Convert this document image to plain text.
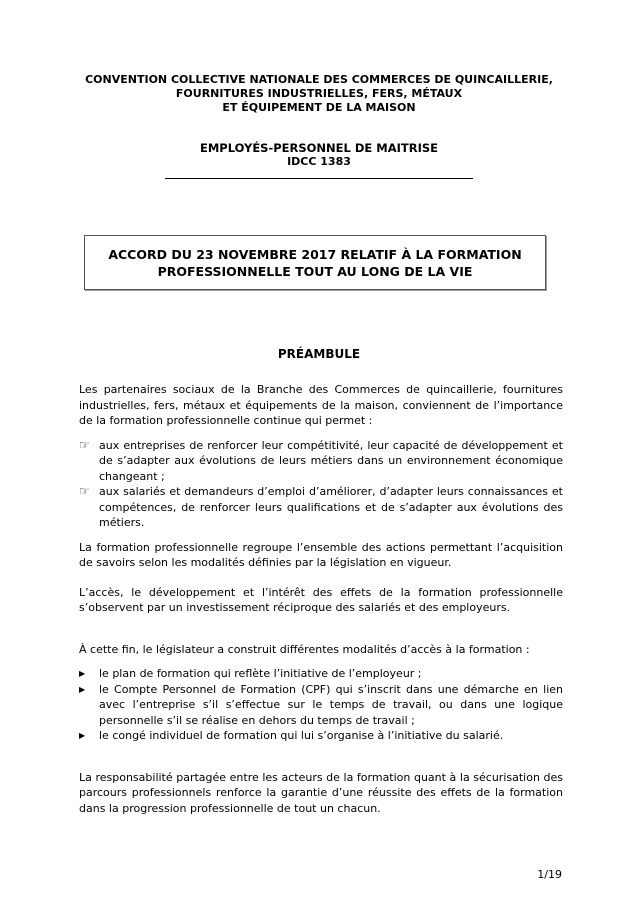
CONVENTION COLLECTIVE NATIONALE DES COMMERCES DE QUINCAILLERIE,
FOURNITURES INDUSTRIELLES, FERS, MÉTAUX
ET ÉQUIPEMENT DE LA MAISON
EMPLOYÉS-PERSONNEL DE MAITRISE
IDCC 1383
ACCORD DU 23 NOVEMBRE 2017 RELATIF À LA FORMATION
PROFESSIONNELLE TOUT AU LONG DE LA VIE
PRÉAMBULE

Les partenaires sociaux de la Branche des Commerces de quincaillerie, fournitures industrielles, fers, métaux et équipements de la maison, conviennent de l’importance de la formation professionnelle continue qui permet :

☞ aux entreprises de renforcer leur compétitivité, leur capacité de développement et de s’adapter aux évolutions de leurs métiers dans un environnement économique changeant ;
☞ aux salariés et demandeurs d’emploi d’améliorer, d’adapter leurs connaissances et compétences, de renforcer leurs qualifications et de s’adapter aux évolutions des métiers.

La formation professionnelle regroupe l’ensemble des actions permettant l’acquisition de savoirs selon les modalités définies par la législation en vigueur.

L’accès, le développement et l’intérêt des effets de la formation professionnelle s’observent par un investissement réciproque des salariés et des employeurs.

À cette fin, le législateur a construit différentes modalités d’accès à la formation :

▶	le plan de formation qui reflète l’initiative de l’employeur ;
▶	le Compte Personnel de Formation (CPF) qui s’inscrit dans une démarche en lien avec l’entreprise s’il s’effectue sur le temps de travail, ou dans une logique personnelle s’il se réalise en dehors du temps de travail ;
▶	le congé individuel de formation qui lui s’organise à l’initiative du salarié.

La responsabilité partagée entre les acteurs de la formation quant à la sécurisation des parcours professionnels renforce la garantie d’une réussite des effets de la formation dans la progression professionnelle de tout un chacun.

1/19
